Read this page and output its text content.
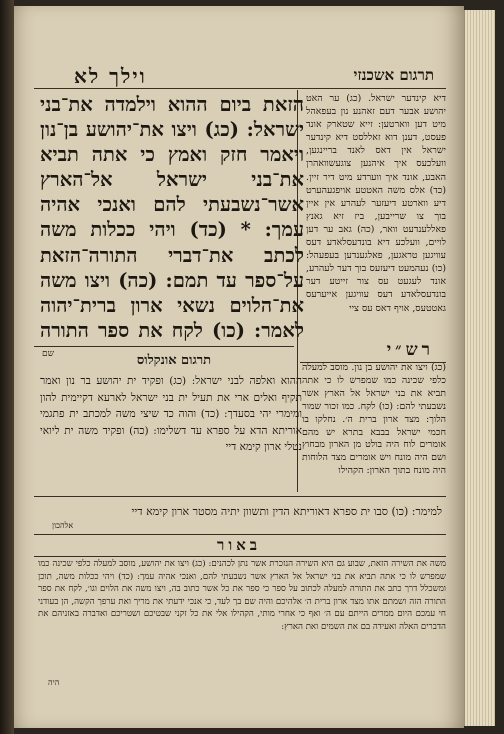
תרגום אשכנזי
וילך לא
דיא קינדער ישראל. (כג) ער האט יהושע אבער דעם זאהנע נון בעפאהל מיט דען ווארטען: זייא שטארק אונד פעסט, דענן דוא זאללסט דיא קינדער ישראל אין דאס לאנד בריינגען, וועלכעס איך איהנען צוגעשוואהרן האבע, אונד איך ווערדע מיט דיר זיין. (כד) אלס משה האטטע אויפגעהערט דיע ווארטע דיעזער לעהרע אין איין בוך צו שרייבען, ביז זיא גאנץ פאללענדעט וואר, (כה) גאב ער דען לויים, וועלכע דיא בונדעסלאדע דעס עוויגען טראגען, פאלגענדען בעפעהל: (כו) נעהמעט דיעזעס בוך דער לעהרע, אונד לעגעט עס צור זייטע דער בונדעסלאדע דעס עוויגען אייערעס גאטטעס, אויף דאס עס ציי
הזאת ביום ההוא וילמדה את־בני ישראל: (כג) ויצו את־יהושע בן־נון ויאמר חזק ואמץ כי אתה תביא את־בני ישראל אל־הארץ אשר־נשבעתי להם ואנכי אהיה עמך: * (כד) ויהי ככלות משה לכתב את־דברי התורה־הזאת על־ספר עד תמם: (כה) ויצו משה את־הלוים נשאי ארון ברית־יהוה לאמר: (כו) לקח את ספר התורה
שם	תרגום אונקלוס
ההוא ואלפה לבני ישראל: (כג) ופקיד ית יהושע בר נון ואמר תקיף ואלים ארי את תעיל ית בני ישראל לארעא דקיימית להון ומימרי יהי בסעדך: (כד) והוה כד שיצי משה למכתב ית פתגמי אוריתא הדא על ספרא עד דשלימו: (כה) ופקיד משה ית ליואי נטלי ארון קימא דיי
רש״י
(כג) ויצו את יהושע בן נון. מוסב למעלה כלפי שכינה כמו שמפרש לו כי אתה תביא את בני ישראל אל הארץ אשר נשבעתי להם: (כו) לקח. כמו זכור שמור הלוך: מצד ארון ברית ה׳. נחלקו בו חכמי ישראל בבבא בתרא יש מהם אומרים לוח היה בולט מן הארון מבחוץ ושם היה מונח ויש אומרים מצד הלוחות היה מונח בתוך הארון: הקהילו
למימר: (כו) סבו ית ספרא דאוריתא הדין ותשוון יתיה מסטר ארון קימא דיי
אלהכון
באור
משה את השירה הזאת, שבוע גם היא השירה הנזכרת אשר נתן לכהנים: (כג) ויצו את יהושע, מוסב למעלה כלפי שכינה כמו שמפרש לו כי אתה תביא את בני ישראל אל הארץ אשר נשבעתי להם, ואנכי אהיה עמך: (כד) ויהי ככלות משה, תוכן ומשכלל דרך כתב את התורה למעלה לכתוב על ספר כי ספר את כל אשר כתוב בה, ויצו משה את הלוים וגו׳, לקח את ספר התורה הזה ושמתם אתו מצד ארון ברית ה׳ אלהיכם והיה שם בך לעד, כי אנכי ידעתי את מריך ואת ערפך הקשה, הן בעודני חי עמכם היום ממרים הייתם עם ה׳ ואף כי אחרי מותי, הקהילו אלי את כל זקני שבטיכם ושטריכם ואדברה באזניהם את הדברים האלה ואעידה בם את השמים ואת הארץ:
היה
